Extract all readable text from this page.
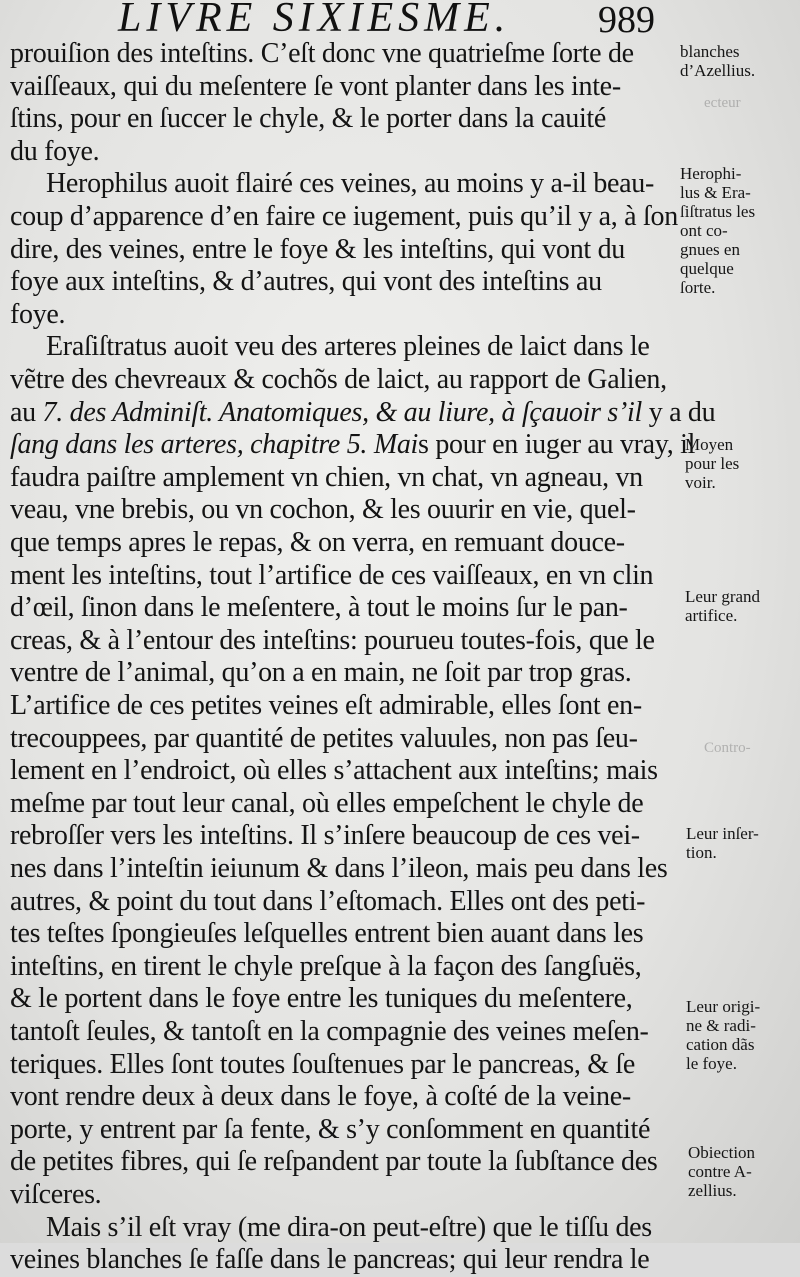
LIVRE SIXIESME. 989
ecteur
Contro-
prouiſion des inteſtins. C’eſt donc vne quatrieſme ſorte de
vaiſſeaux, qui du meſentere ſe vont planter dans les inte-
ſtins, pour en ſuccer le chyle, & le porter dans la cauité
du foye.
Herophilus auoit flairé ces veines, au moins y a-il beau-
coup d’apparence d’en faire ce iugement, puis qu’il y a, à ſon
dire, des veines, entre le foye & les inteſtins, qui vont du
foye aux inteſtins, & d’autres, qui vont des inteſtins au
foye.
Eraſiſtratus auoit veu des arteres pleines de laict dans le
vẽtre des chevreaux & cochõs de laict, au rapport de Galien,
au 7. des Adminiſt. Anatomiques, & au liure, à ſçauoir s’il y a du
ſang dans les arteres, chapitre 5. Mais pour en iuger au vray, il
faudra paiſtre amplement vn chien, vn chat, vn agneau, vn
veau, vne brebis, ou vn cochon, & les ouurir en vie, quel-
que temps apres le repas, & on verra, en remuant douce-
ment les inteſtins, tout l’artifice de ces vaiſſeaux, en vn clin
d’œil, ſinon dans le meſentere, à tout le moins ſur le pan-
creas, & à l’entour des inteſtins: pourueu toutes-fois, que le
ventre de l’animal, qu’on a en main, ne ſoit par trop gras.
L’artifice de ces petites veines eſt admirable, elles ſont en-
trecouppees, par quantité de petites valuules, non pas ſeu-
lement en l’endroict, où elles s’attachent aux inteſtins; mais
meſme par tout leur canal, où elles empeſchent le chyle de
rebroſſer vers les inteſtins. Il s’inſere beaucoup de ces vei-
nes dans l’inteſtin ieiunum & dans l’ileon, mais peu dans les
autres, & point du tout dans l’eſtomach. Elles ont des peti-
tes teſtes ſpongieuſes leſquelles entrent bien auant dans les
inteſtins, en tirent le chyle preſque à la façon des ſangſuës,
& le portent dans le foye entre les tuniques du meſentere,
tantoſt ſeules, & tantoſt en la compagnie des veines meſen-
teriques. Elles ſont toutes ſouſtenues par le pancreas, & ſe
vont rendre deux à deux dans le foye, à coſté de la veine-
porte, y entrent par ſa fente, & s’y conſomment en quantité
de petites fibres, qui ſe reſpandent par toute la ſubſtance des
viſceres.
Mais s’il eſt vray (me dira-on peut-eſtre) que le tiſſu des
veines blanches ſe faſſe dans le pancreas; qui leur rendra le
blanches
d’Azellius.
Herophi-
lus & Era-
ſiſtratus les
ont co-
gnues en
quelque
ſorte.
Moyen
pour les
voir.
Leur grand
artifice.
Leur inſer-
tion.
Leur origi-
ne & radi-
cation dãs
le foye.
Obiection
contre A-
zellius.
